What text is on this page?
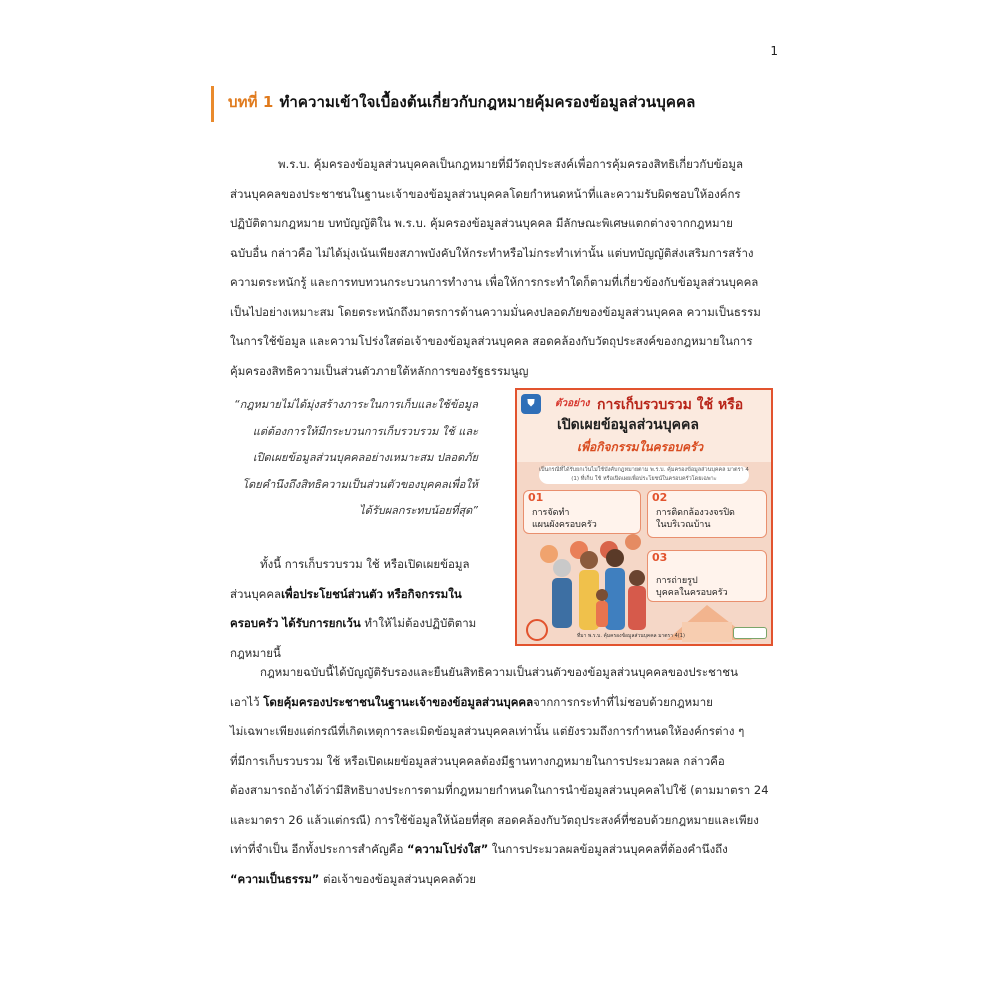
1
บทที่ 1 ทำความเข้าใจเบื้องต้นเกี่ยวกับกฎหมายคุ้มครองข้อมูลส่วนบุคคล
พ.ร.บ. คุ้มครองข้อมูลส่วนบุคคลเป็นกฎหมายที่มีวัตถุประสงค์เพื่อการคุ้มครองสิทธิเกี่ยวกับข้อมูล
ส่วนบุคคลของประชาชนในฐานะเจ้าของข้อมูลส่วนบุคคลโดยกำหนดหน้าที่และความรับผิดชอบให้องค์กร
ปฏิบัติตามกฎหมาย บทบัญญัติใน พ.ร.บ. คุ้มครองข้อมูลส่วนบุคคล มีลักษณะพิเศษแตกต่างจากกฎหมาย
ฉบับอื่น กล่าวคือ ไม่ได้มุ่งเน้นเพียงสภาพบังคับให้กระทำหรือไม่กระทำเท่านั้น แต่บทบัญญัติส่งเสริมการสร้าง
ความตระหนักรู้ และการทบทวนกระบวนการทำงาน เพื่อให้การกระทำใดก็ตามที่เกี่ยวข้องกับข้อมูลส่วนบุคคล
เป็นไปอย่างเหมาะสม โดยตระหนักถึงมาตรการด้านความมั่นคงปลอดภัยของข้อมูลส่วนบุคคล ความเป็นธรรม
ในการใช้ข้อมูล และความโปร่งใสต่อเจ้าของข้อมูลส่วนบุคคล สอดคล้องกับวัตถุประสงค์ของกฎหมายในการ
คุ้มครองสิทธิความเป็นส่วนตัวภายใต้หลักการของรัฐธรรมนูญ
“กฎหมายไม่ได้มุ่งสร้างภาระในการเก็บและใช้ข้อมูล
แต่ต้องการให้มีกระบวนการเก็บรวบรวม ใช้ และ
เปิดเผยข้อมูลส่วนบุคคลอย่างเหมาะสม ปลอดภัย
โดยคำนึงถึงสิทธิความเป็นส่วนตัวของบุคคลเพื่อให้
ได้รับผลกระทบน้อยที่สุด”
ทั้งนี้ การเก็บรวบรวม ใช้ หรือเปิดเผยข้อมูล
ส่วนบุคคลเพื่อประโยชน์ส่วนตัว หรือกิจกรรมใน
ครอบครัว ได้รับการยกเว้น ทำให้ไม่ต้องปฏิบัติตาม
กฎหมายนี้
⛊	ตัวอย่าง การเก็บรวบรวม ใช้ หรือ
เปิดเผยข้อมูลส่วนบุคคล
เพื่อกิจกรรมในครอบครัว
เป็นกรณีที่ได้รับยกเว้นไม่ใช้บังคับกฎหมายตาม พ.ร.บ. คุ้มครองข้อมูลส่วนบุคคล มาตรา 4 (1) ที่เก็บ ใช้ หรือเปิดเผยเพื่อประโยชน์ในครอบครัวโดยเฉพาะ
01
การจัดทำ
แผนผังครอบครัว
02
การติดกล้องวงจรปิด
ในบริเวณบ้าน
03
การถ่ายรูป
บุคคลในครอบครัว
ที่มา พ.ร.บ. คุ้มครองข้อมูลส่วนบุคคล มาตรา 4(1)
กฎหมายฉบับนี้ได้บัญญัติรับรองและยืนยันสิทธิความเป็นส่วนตัวของข้อมูลส่วนบุคคลของประชาชน
เอาไว้ โดยคุ้มครองประชาชนในฐานะเจ้าของข้อมูลส่วนบุคคลจากการกระทำที่ไม่ชอบด้วยกฎหมาย
ไม่เฉพาะเพียงแต่กรณีที่เกิดเหตุการละเมิดข้อมูลส่วนบุคคลเท่านั้น แต่ยังรวมถึงการกำหนดให้องค์กรต่าง ๆ
ที่มีการเก็บรวบรวม ใช้ หรือเปิดเผยข้อมูลส่วนบุคคลต้องมีฐานทางกฎหมายในการประมวลผล กล่าวคือ
ต้องสามารถอ้างได้ว่ามีสิทธิบางประการตามที่กฎหมายกำหนดในการนำข้อมูลส่วนบุคคลไปใช้ (ตามมาตรา 24
และมาตรา 26 แล้วแต่กรณี) การใช้ข้อมูลให้น้อยที่สุด สอดคล้องกับวัตถุประสงค์ที่ชอบด้วยกฎหมายและเพียง
เท่าที่จำเป็น อีกทั้งประการสำคัญคือ “ความโปร่งใส” ในการประมวลผลข้อมูลส่วนบุคคลที่ต้องคำนึงถึง
“ความเป็นธรรม” ต่อเจ้าของข้อมูลส่วนบุคคลด้วย
